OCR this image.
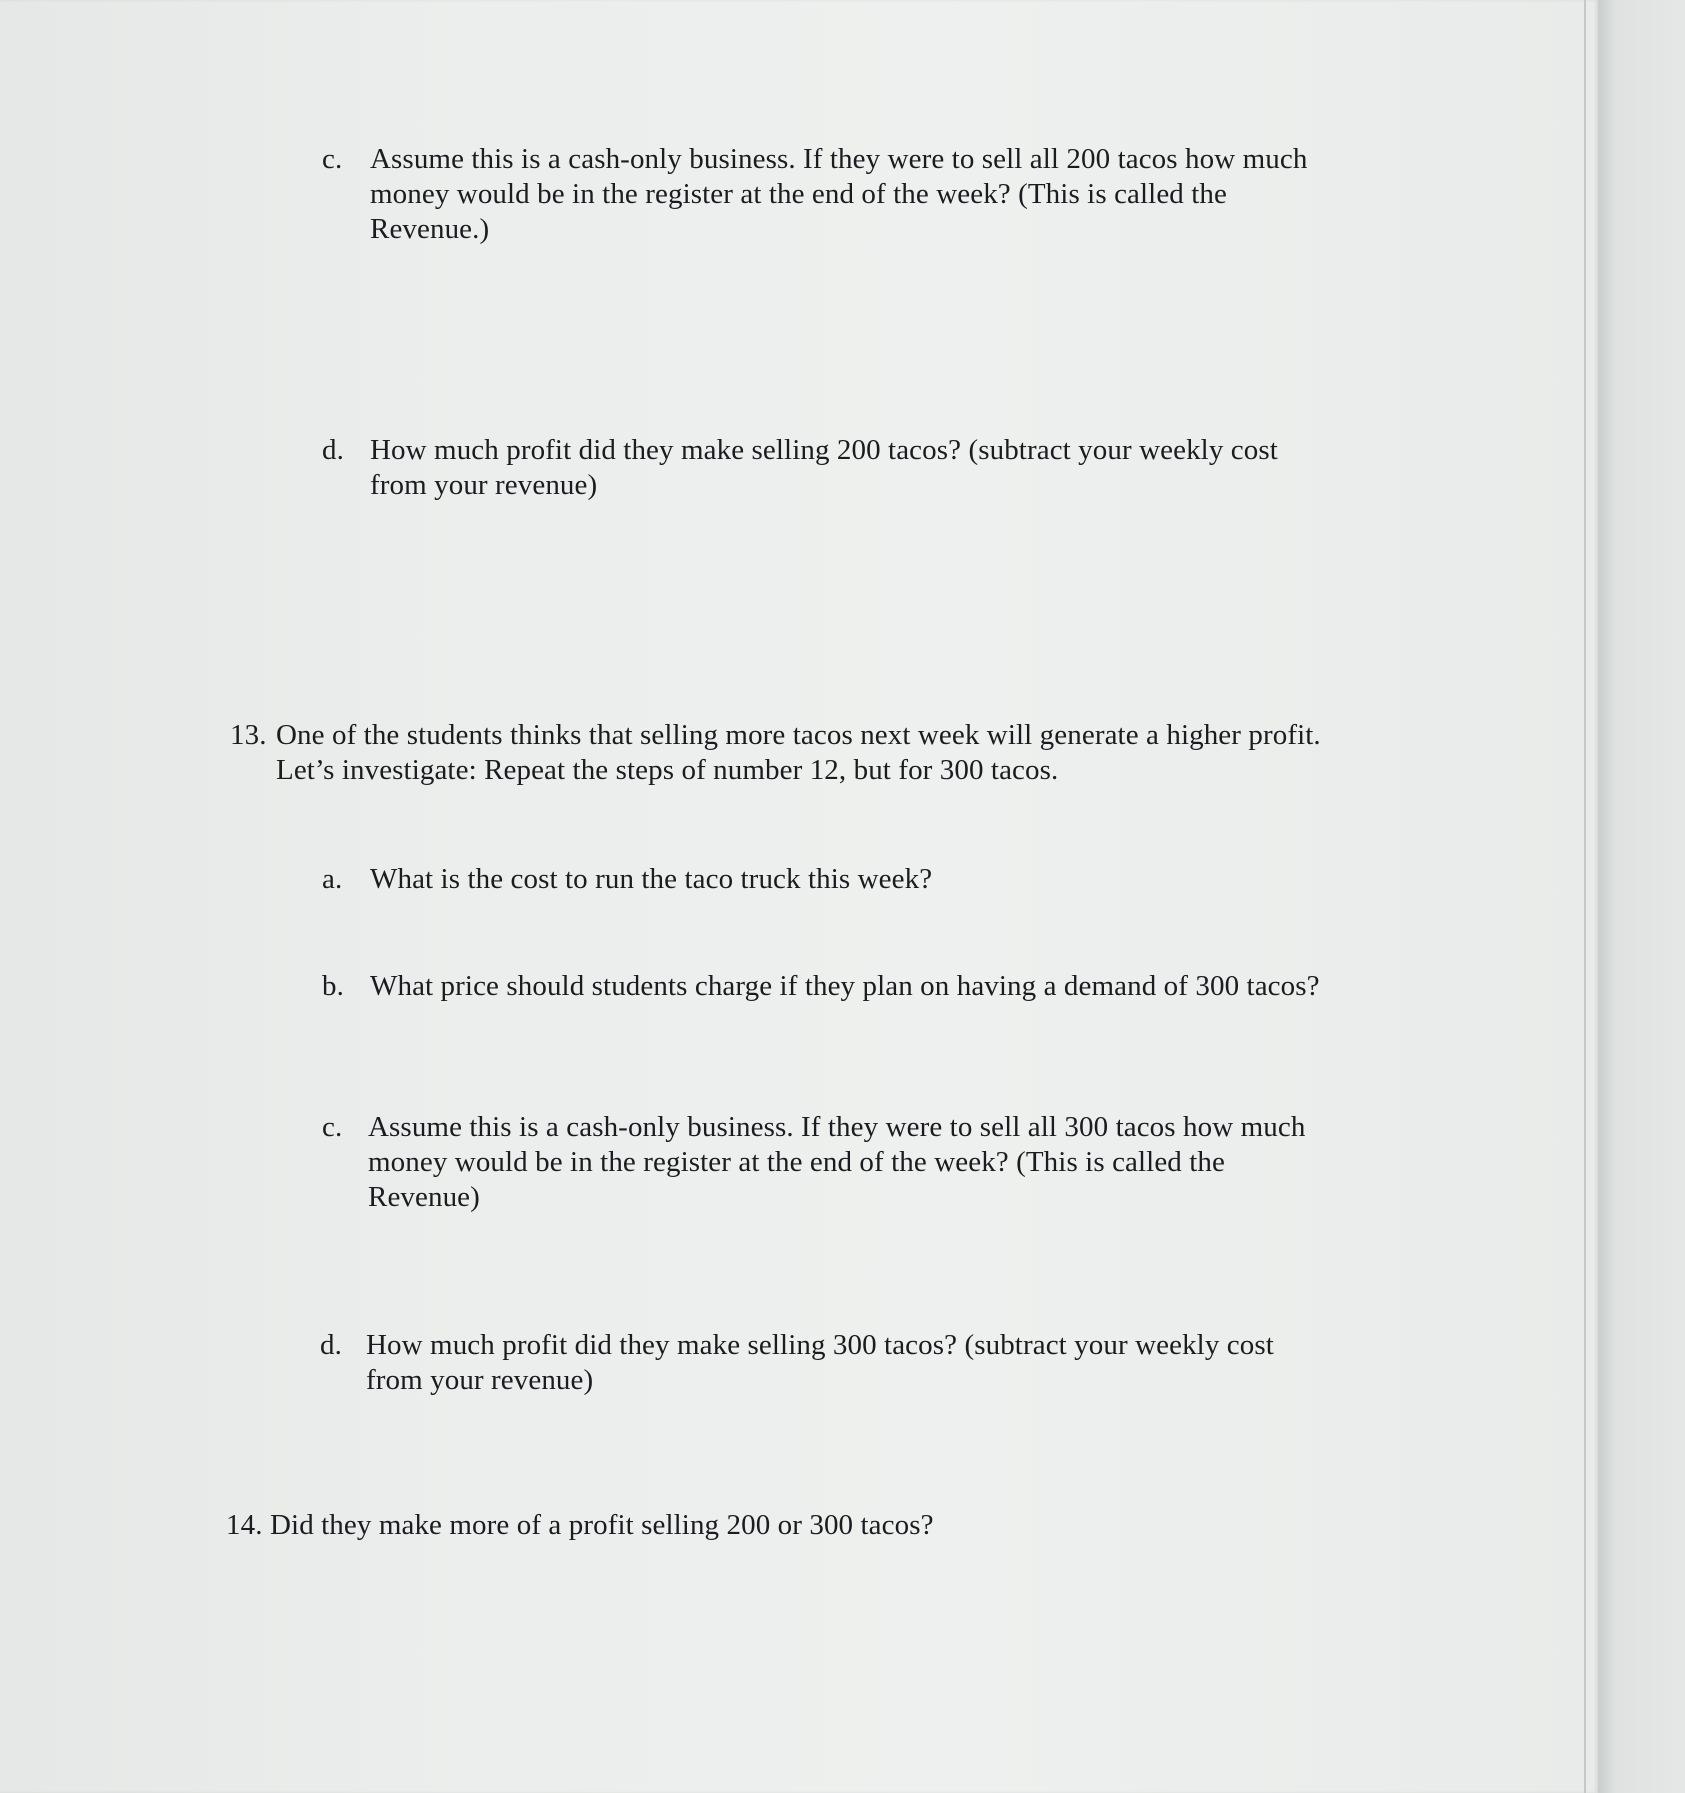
c. Assume this is a cash-only business. If they were to sell all 200 tacos how much
money would be in the register at the end of the week? (This is called the
Revenue.)
d. How much profit did they make selling 200 tacos? (subtract your weekly cost
from your revenue)
13. One of the students thinks that selling more tacos next week will generate a higher profit.
Let’s investigate: Repeat the steps of number 12, but for 300 tacos.
a. What is the cost to run the taco truck this week?
b. What price should students charge if they plan on having a demand of 300 tacos?
c. Assume this is a cash-only business. If they were to sell all 300 tacos how much
money would be in the register at the end of the week? (This is called the
Revenue)
d. How much profit did they make selling 300 tacos? (subtract your weekly cost
from your revenue)
14. Did they make more of a profit selling 200 or 300 tacos?
